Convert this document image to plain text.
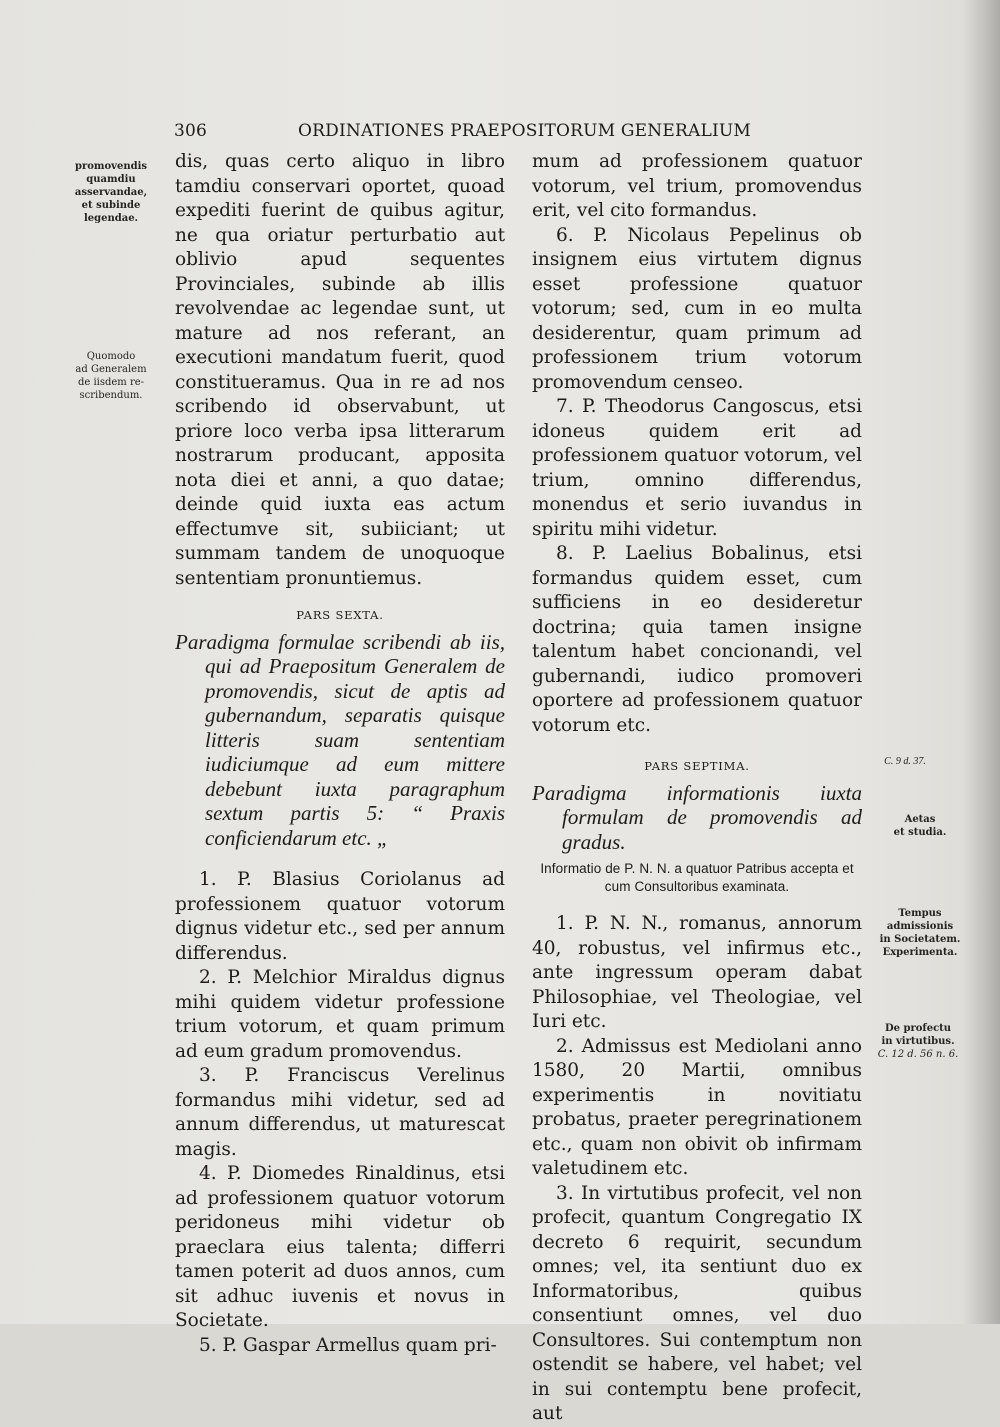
306	ORDINATIONES PRAEPOSITORUM GENERALIUM
promovendis
quamdiu
asservandae,
et subinde
legendae.
Quomodo
ad Generalem
de iisdem re-
scribendum.
C. 9 d. 37.
Aetas
et studia.
Tempus
admissionis
in Societatem.
Experimenta.
De profectu
in virtutibus.
C. 12 d. 56 n. 6.

dis, quas certo aliquo in libro tamdiu conservari oportet, quoad expediti fuerint de quibus agitur, ne qua oriatur perturbatio aut oblivio apud sequentes Provinciales, subinde ab illis revolvendae ac legendae sunt, ut mature ad nos referant, an executioni mandatum fuerit, quod constitueramus. Qua in re ad nos scribendo id observabunt, ut priore loco verba ipsa litterarum nostrarum producant, apposita nota diei et anni, a quo datae; deinde quid iuxta eas actum effectumve sit, subiiciant; ut summam tandem de unoquoque sententiam pronuntiemus.

PARS SEXTA.

Paradigma formulae scribendi ab iis, qui ad Praepositum Generalem de promovendis, sicut de aptis ad gubernandum, separatis quisque litteris suam sententiam iudiciumque ad eum mittere debebunt iuxta paragraphum sextum partis 5: “ Praxis conficiendarum etc. „

1. P. Blasius Coriolanus ad professionem quatuor votorum dignus videtur etc., sed per annum differendus.

2. P. Melchior Miraldus dignus mihi quidem videtur professione trium votorum, et quam primum ad eum gradum promovendus.

3. P. Franciscus Verelinus formandus mihi videtur, sed ad annum differendus, ut maturescat magis.

4. P. Diomedes Rinaldinus, etsi ad professionem quatuor votorum peridoneus mihi videtur ob praeclara eius talenta; differri tamen poterit ad duos annos, cum sit adhuc iuvenis et novus in Societate.

5. P. Gaspar Armellus quam pri-

mum ad professionem quatuor votorum, vel trium, promovendus erit, vel cito formandus.

6. P. Nicolaus Pepelinus ob insignem eius virtutem dignus esset professione quatuor votorum; sed, cum in eo multa desiderentur, quam primum ad professionem trium votorum promovendum censeo.

7. P. Theodorus Cangoscus, etsi idoneus quidem erit ad professionem quatuor votorum, vel trium, omnino differendus, monendus et serio iuvandus in spiritu mihi videtur.

8. P. Laelius Bobalinus, etsi formandus quidem esset, cum sufficiens in eo desideretur doctrina; quia tamen insigne talentum habet concionandi, vel gubernandi, iudico promoveri oportere ad professionem quatuor votorum etc.

PARS SEPTIMA.

Paradigma informationis iuxta formulam de promovendis ad gradus.

Informatio de P. N. N. a quatuor Patribus accepta et cum Consultoribus examinata.

1. P. N. N., romanus, annorum 40, robustus, vel infirmus etc., ante ingressum operam dabat Philosophiae, vel Theologiae, vel Iuri etc.

2. Admissus est Mediolani anno 1580, 20 Martii, omnibus experimentis in novitiatu probatus, praeter peregrinationem etc., quam non obivit ob infirmam valetudinem etc.

3. In virtutibus profecit, vel non profecit, quantum Congregatio IX decreto 6 requirit, secundum omnes; vel, ita sentiunt duo ex Informatoribus, quibus consentiunt omnes, vel duo Consultores. Sui contemptum non ostendit se habere, vel habet; vel in sui contemptu bene profecit, aut
